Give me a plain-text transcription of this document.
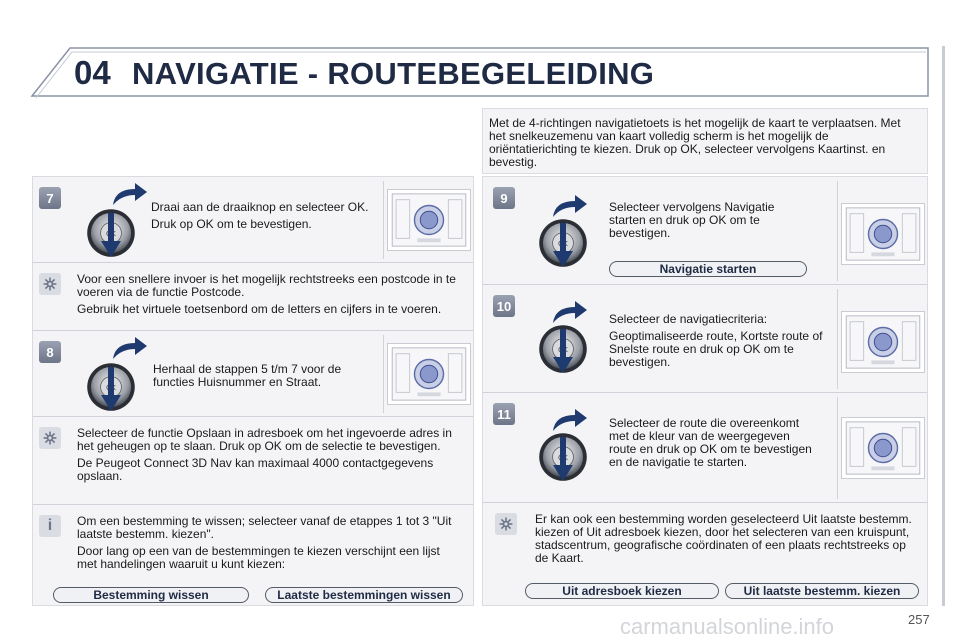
04 NAVIGATIE - ROUTEBEGELEIDING
Met de 4-richtingen navigatietoets is het mogelijk de kaart te verplaatsen. Met het snelkeuzemenu van kaart volledig scherm is het mogelijk de oriëntatierichting te kiezen. Druk op OK, selecteer vervolgens Kaartinst. en bevestig.
7

Draai aan de draaiknop en selecteer OK.

Druk op OK om te bevestigen.

Voor een snellere invoer is het mogelijk rechtstreeks een postcode in te voeren via de functie Postcode.

Gebruik het virtuele toetsenbord om de letters en cijfers in te voeren.

8

Herhaal de stappen 5 t/m 7 voor de functies Huisnummer en Straat.

Selecteer de functie Opslaan in adresboek om het ingevoerde adres in het geheugen op te slaan. Druk op OK om de selectie te bevestigen.

De Peugeot Connect 3D Nav kan maximaal 4000 contactgegevens opslaan.

i	Om een bestemming te wissen; selecteer vanaf de etappes 1 tot 3 "Uit laatste bestemm. kiezen".

Door lang op een van de bestemmingen te kiezen verschijnt een lijst met handelingen waaruit u kunt kiezen:

Bestemming wissen	Laatste bestemmingen wissen
9

Selecteer vervolgens Navigatie starten en druk op OK om te bevestigen.

Navigatie starten
10

Selecteer de navigatiecriteria:

Geoptimaliseerde route, Kortste route of Snelste route en druk op OK om te bevestigen.

11

Selecteer de route die overeenkomt met de kleur van de weergegeven route en druk op OK om te bevestigen en de navigatie te starten.

Er kan ook een bestemming worden geselecteerd Uit laatste bestemm. kiezen of Uit adresboek kiezen, door het selecteren van een kruispunt, stadscentrum, geografische coördinaten of een plaats rechtstreeks op de Kaart.

Uit adresboek kiezen	Uit laatste bestemm. kiezen
257
carmanualsonline.info
